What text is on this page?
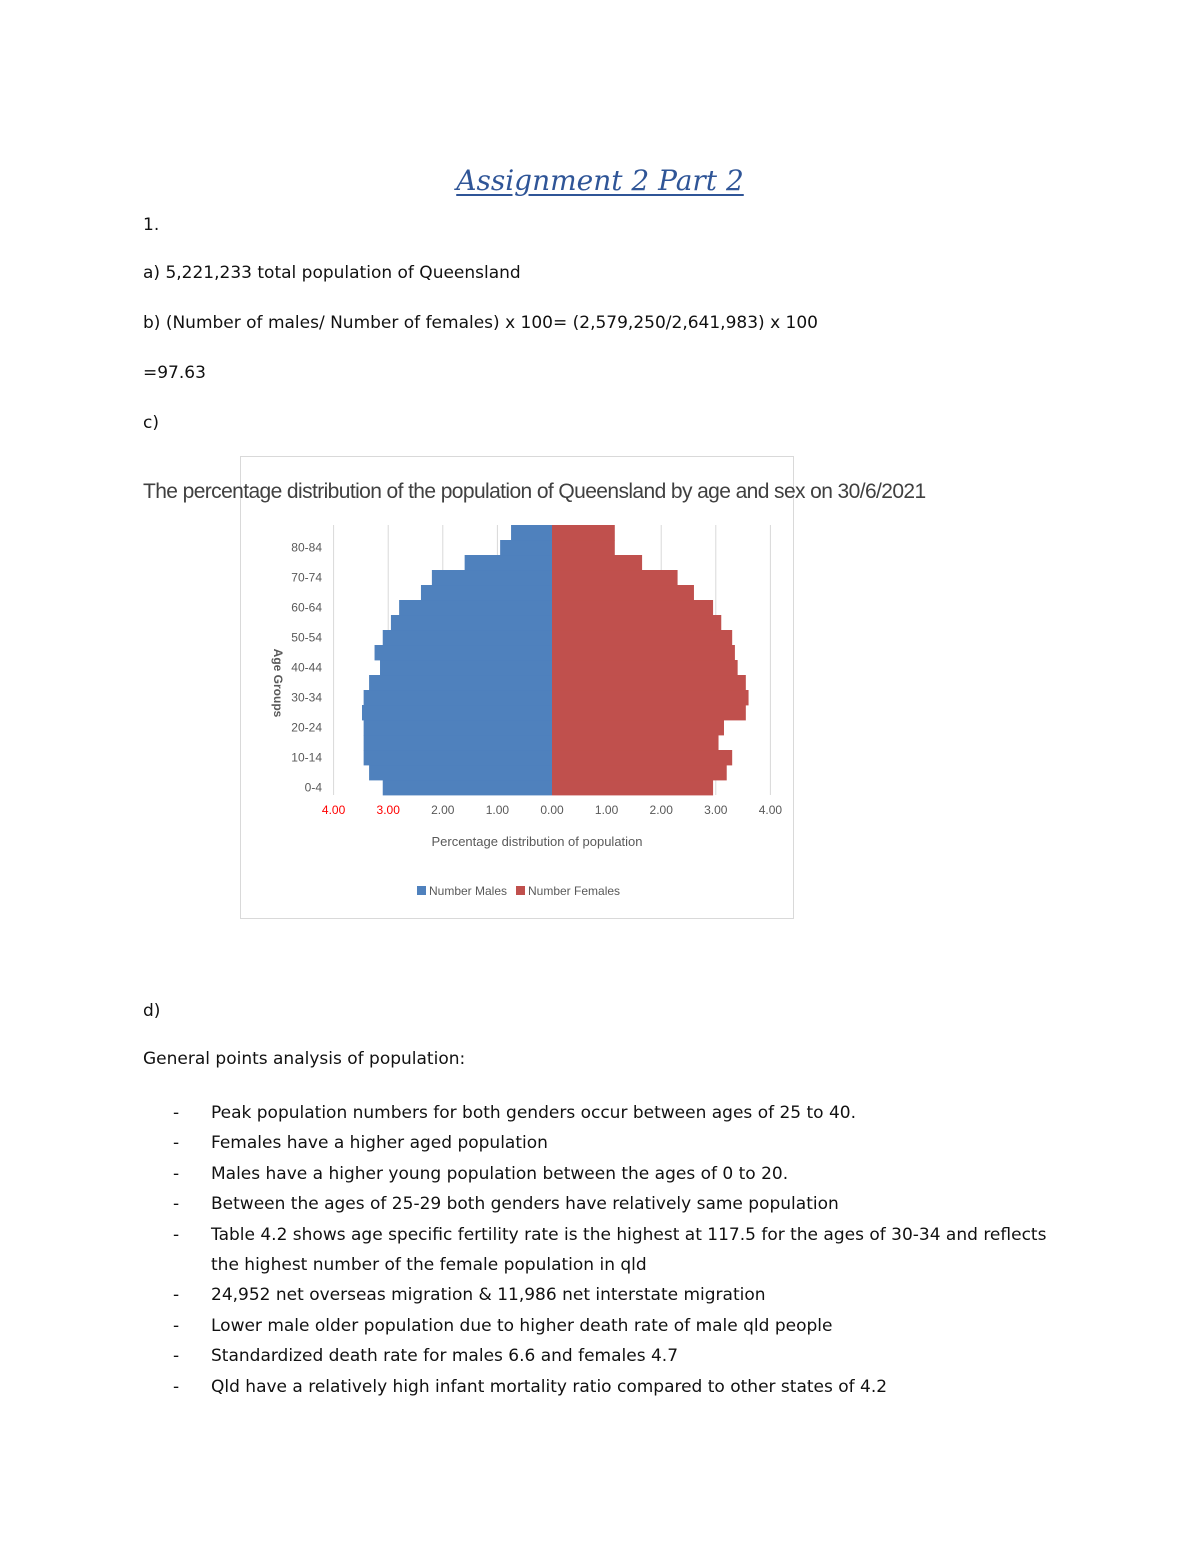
Assignment 2 Part 2
1.
a) 5,221,233 total population of Queensland
b) (Number of males/ Number of females) x 100= (2,579,250/2,641,983) x 100
=97.63
c)
The percentage distribution of the population of Queensland by age and sex on 30/6/2021
0-4
10-14
20-24
30-34
40-44
50-54
60-64
70-74
80-84
4.00	3.00	2.00	1.00	0.00	1.00	2.00	3.00	4.00
Percentage distribution of population
Age Groups
Number Males Number Females
d)
General points analysis of population:
- Peak population numbers for both genders occur between ages of 25 to 40.
- Females have a higher aged population
- Males have a higher young population between the ages of 0 to 20.
- Between the ages of 25-29 both genders have relatively same population
- Table 4.2 shows age specific fertility rate is the highest at 117.5 for the ages of 30-34 and reflects the highest number of the female population in qld
- 24,952 net overseas migration & 11,986 net interstate migration
- Lower male older population due to higher death rate of male qld people
- Standardized death rate for males 6.6 and females 4.7
- Qld have a relatively high infant mortality ratio compared to other states of 4.2
